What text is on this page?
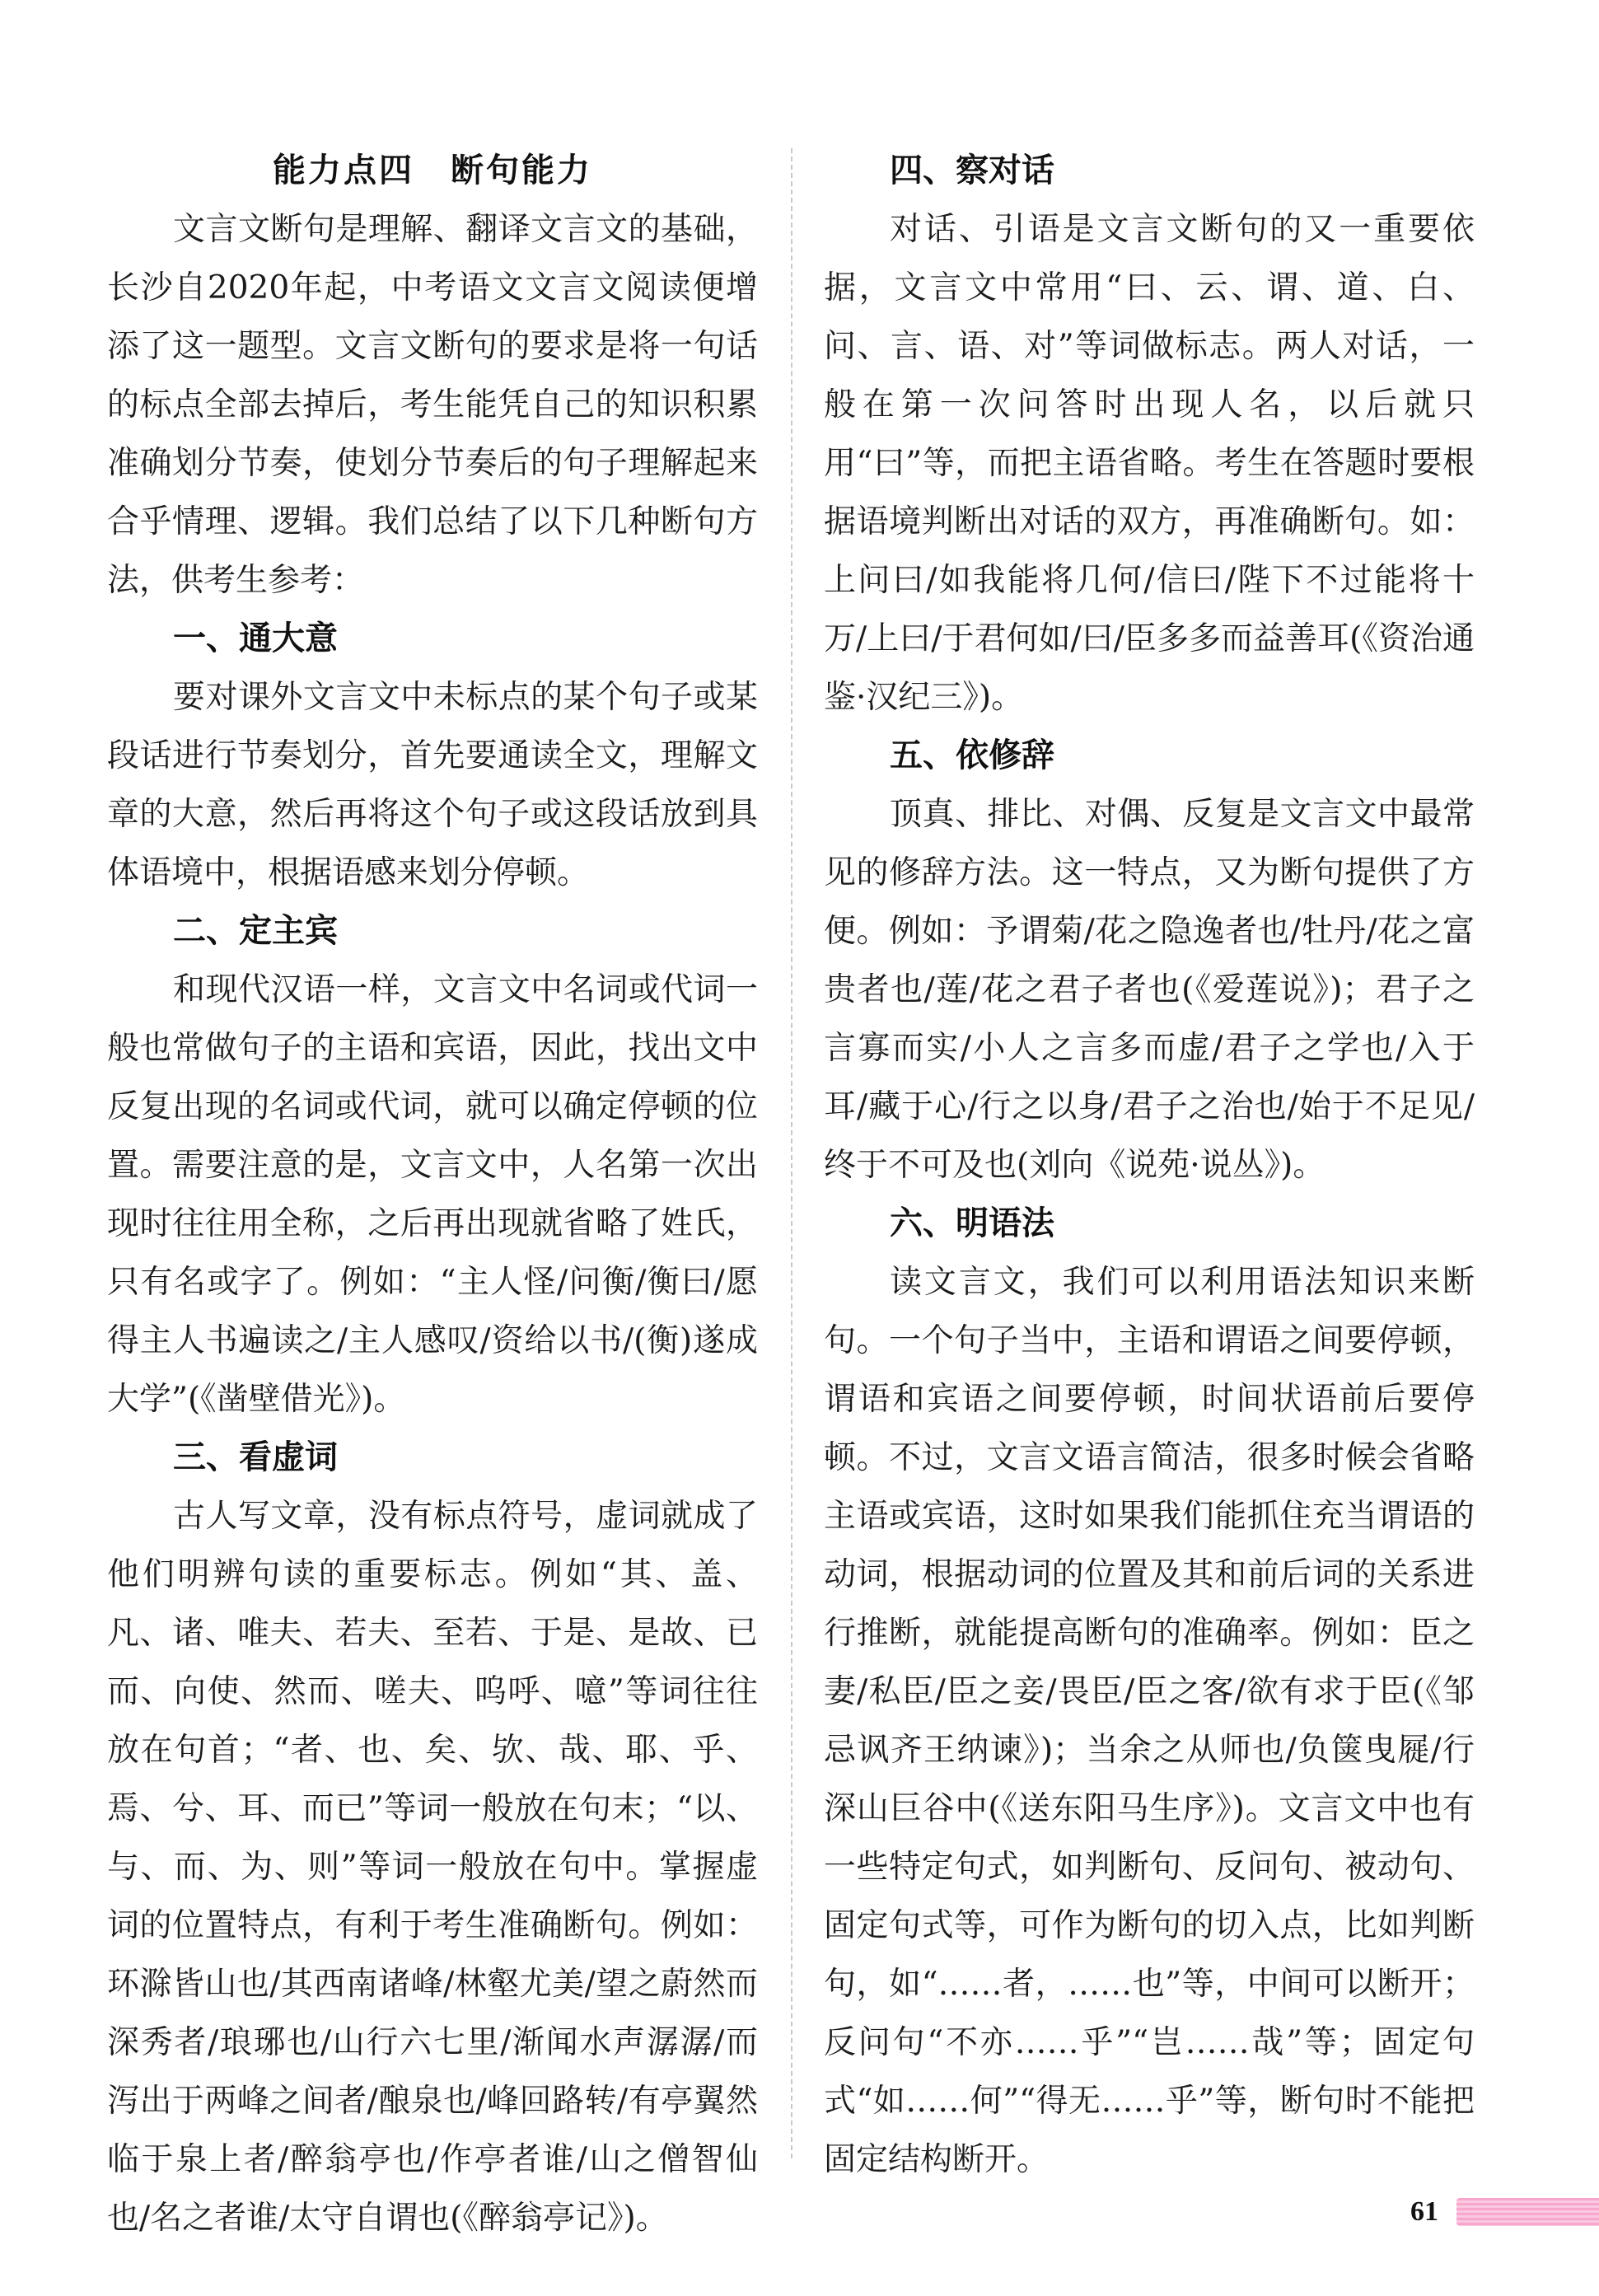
能力点四 断句能力

文言文断句是理解、翻译文言文的基础，长沙自2020年起，中考语文文言文阅读便增添了这一题型。文言文断句的要求是将一句话的标点全部去掉后，考生能凭自己的知识积累准确划分节奏，使划分节奏后的句子理解起来合乎情理、逻辑。我们总结了以下几种断句方法，供考生参考：

一、通大意

要对课外文言文中未标点的某个句子或某段话进行节奏划分，首先要通读全文，理解文章的大意，然后再将这个句子或这段话放到具体语境中，根据语感来划分停顿。

二、定主宾

和现代汉语一样，文言文中名词或代词一般也常做句子的主语和宾语，因此，找出文中反复出现的名词或代词，就可以确定停顿的位置。需要注意的是，文言文中，人名第一次出现时往往用全称，之后再出现就省略了姓氏，只有名或字了。例如：“主人怪/问衡/衡曰/愿得主人书遍读之/主人感叹/资给以书/(衡)遂成大学”(《凿壁借光》)。

三、看虚词

古人写文章，没有标点符号，虚词就成了他们明辨句读的重要标志。例如“其、盖、凡、诸、唯夫、若夫、至若、于是、是故、已而、向使、然而、嗟夫、呜呼、噫”等词往往放在句首；“者、也、矣、欤、哉、耶、乎、焉、兮、耳、而已”等词一般放在句末；“以、与、而、为、则”等词一般放在句中。掌握虚词的位置特点，有利于考生准确断句。例如：环滁皆山也/其西南诸峰/林壑尤美/望之蔚然而深秀者/琅琊也/山行六七里/渐闻水声潺潺/而泻出于两峰之间者/酿泉也/峰回路转/有亭翼然临于泉上者/醉翁亭也/作亭者谁/山之僧智仙也/名之者谁/太守自谓也(《醉翁亭记》)。

四、察对话

对话、引语是文言文断句的又一重要依据，文言文中常用“曰、云、谓、道、白、问、言、语、对”等词做标志。两人对话，一般在第一次问答时出现人名，以后就只用“曰”等，而把主语省略。考生在答题时要根据语境判断出对话的双方，再准确断句。如：上问曰/如我能将几何/信曰/陛下不过能将十万/上曰/于君何如/曰/臣多多而益善耳(《资治通鉴·汉纪三》)。

五、依修辞

顶真、排比、对偶、反复是文言文中最常见的修辞方法。这一特点，又为断句提供了方便。例如：予谓菊/花之隐逸者也/牡丹/花之富贵者也/莲/花之君子者也(《爱莲说》)；君子之言寡而实/小人之言多而虚/君子之学也/入于耳/藏于心/行之以身/君子之治也/始于不足见/终于不可及也(刘向《说苑·说丛》)。

六、明语法

读文言文，我们可以利用语法知识来断句。一个句子当中，主语和谓语之间要停顿，谓语和宾语之间要停顿，时间状语前后要停顿。不过，文言文语言简洁，很多时候会省略主语或宾语，这时如果我们能抓住充当谓语的动词，根据动词的位置及其和前后词的关系进行推断，就能提高断句的准确率。例如：臣之妻/私臣/臣之妾/畏臣/臣之客/欲有求于臣(《邹忌讽齐王纳谏》)；当余之从师也/负箧曳屣/行深山巨谷中(《送东阳马生序》)。文言文中也有一些特定句式，如判断句、反问句、被动句、固定句式等，可作为断句的切入点，比如判断句，如“……者，……也”等，中间可以断开；反问句“不亦……乎”“岂……哉”等；固定句式“如……何”“得无……乎”等，断句时不能把固定结构断开。

61
